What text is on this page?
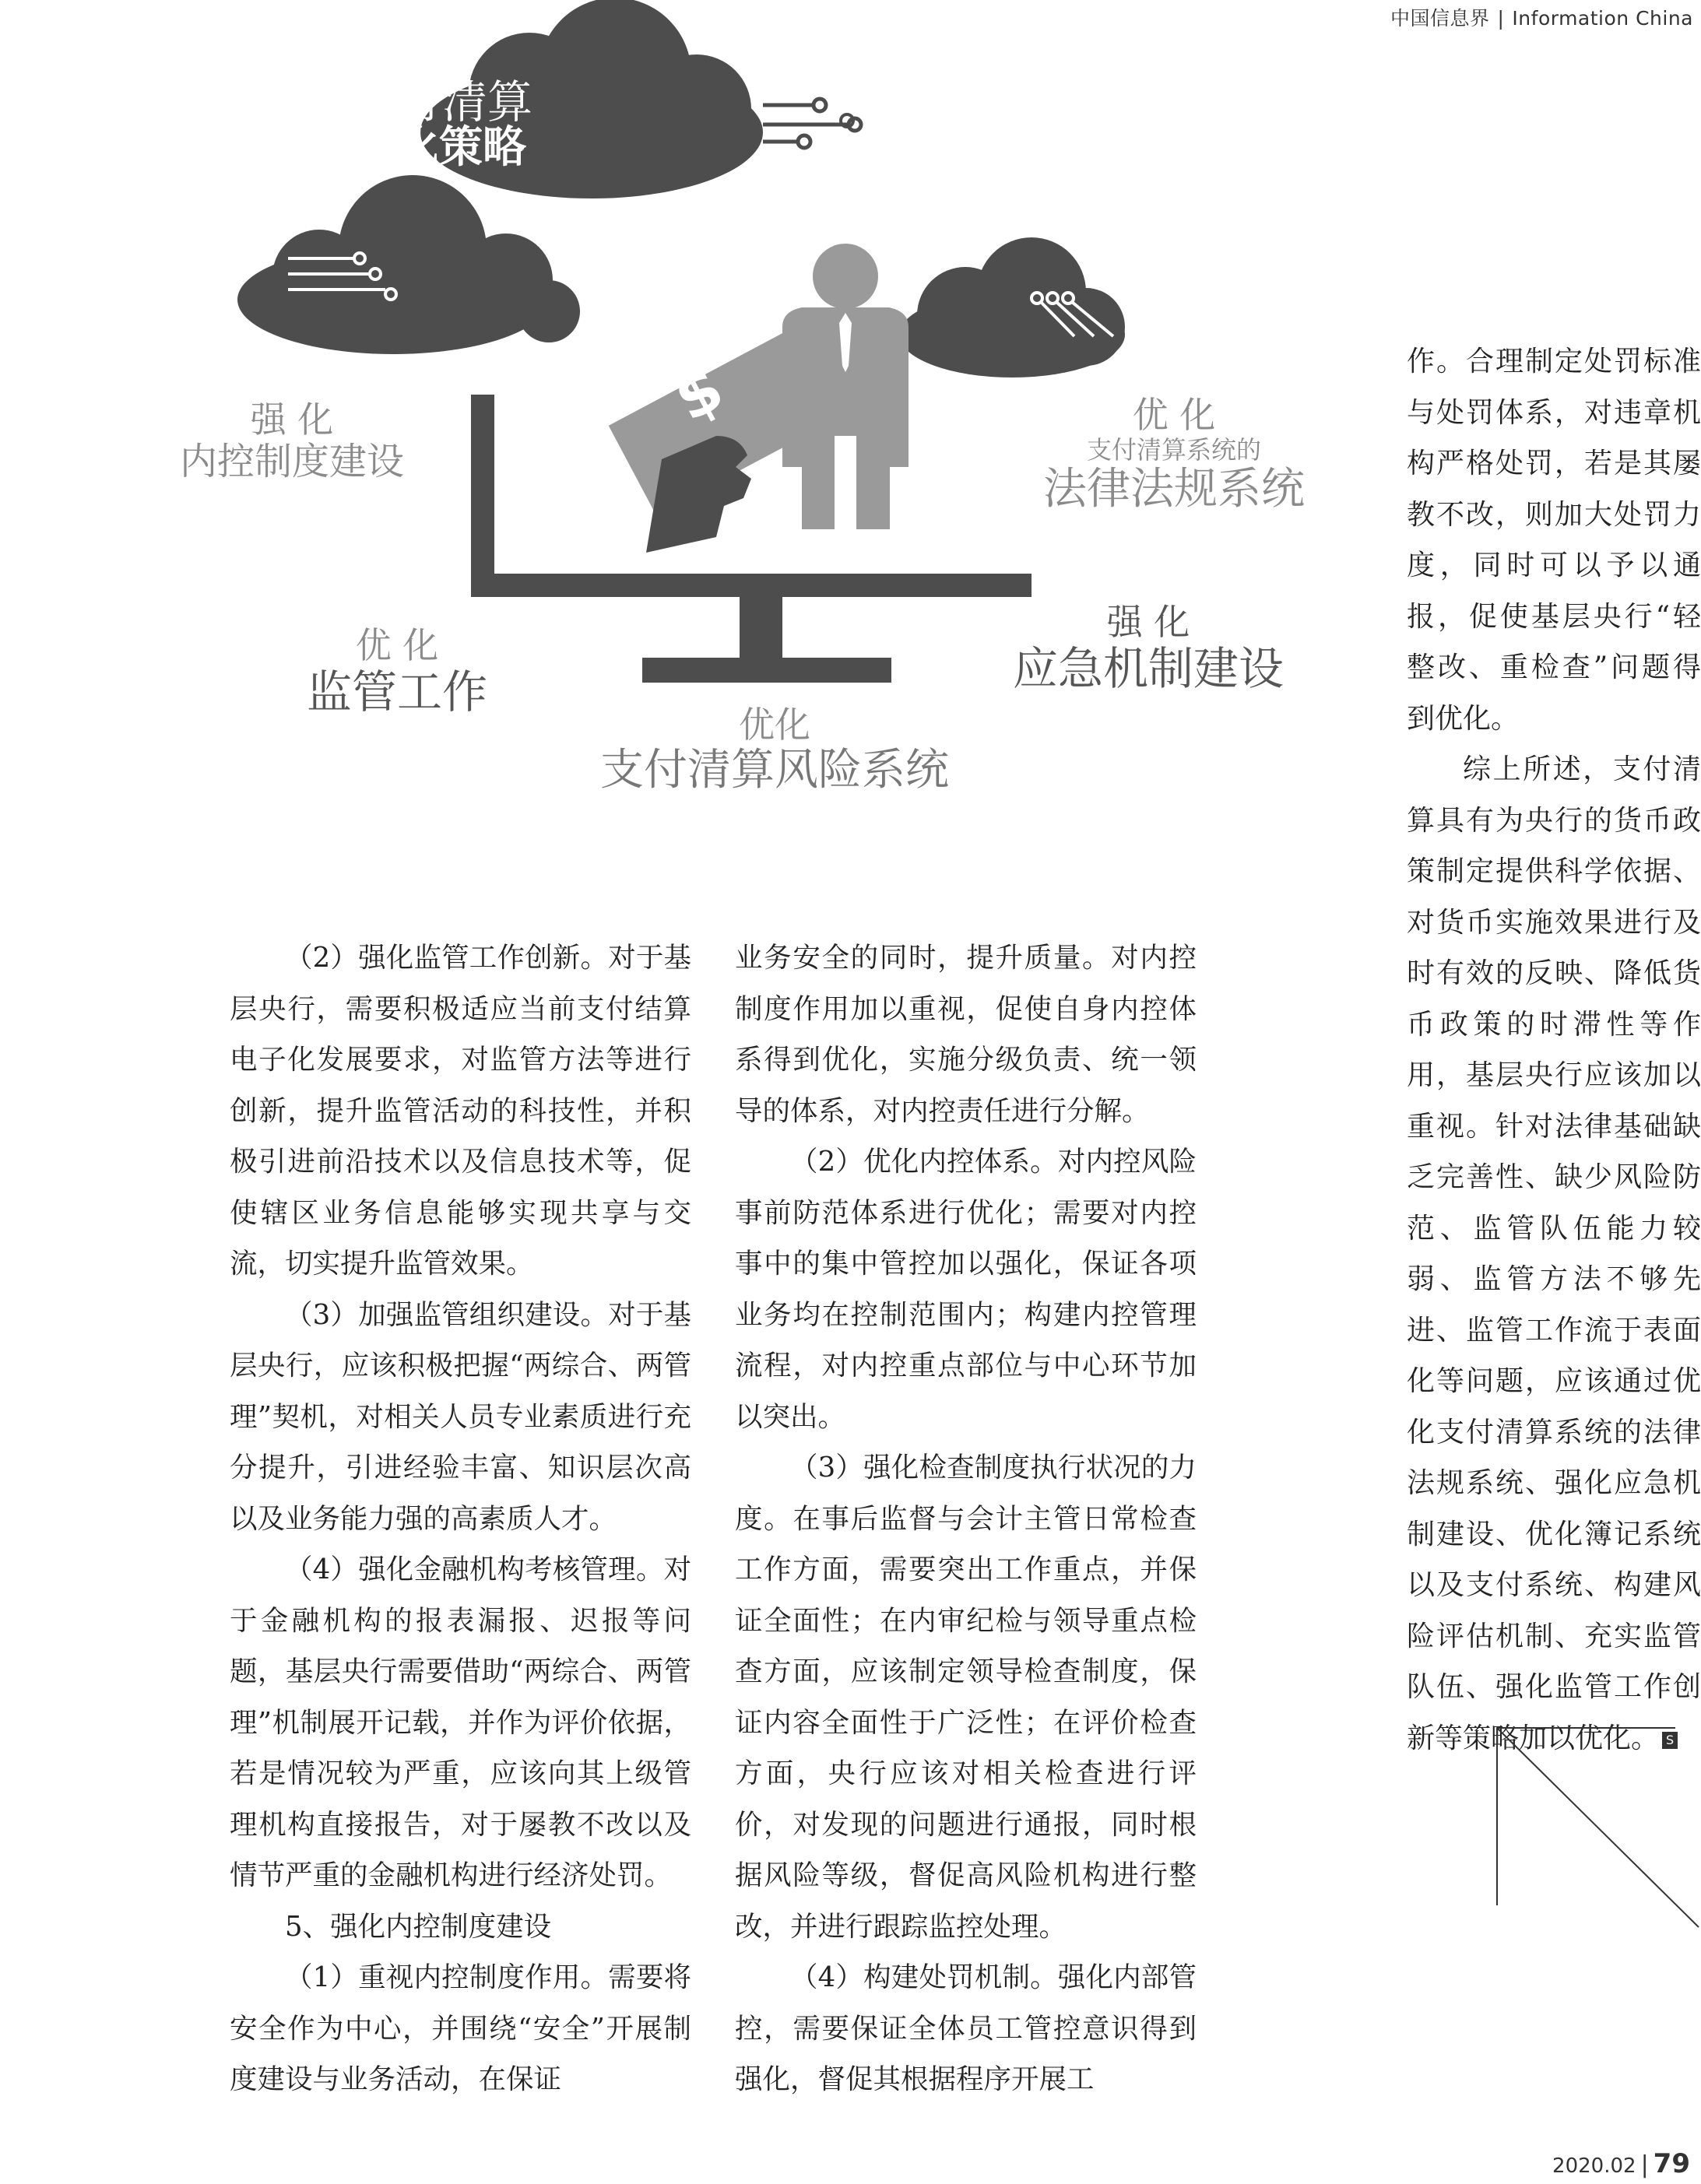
中国信息界 | Information China
支付清算
强化策略
$
强 化
内控制度建设
优 化
支付清算系统的
法律法规系统
优 化
监管工作
强 化
应急机制建设
优化
支付清算风险系统

（2）强化监管工作创新。对于基层央行，需要积极适应当前支付结算电子化发展要求，对监管方法等进行创新，提升监管活动的科技性，并积极引进前沿技术以及信息技术等，促使辖区业务信息能够实现共享与交流，切实提升监管效果。

（3）加强监管组织建设。对于基层央行，应该积极把握“两综合、两管理”契机，对相关人员专业素质进行充分提升，引进经验丰富、知识层次高以及业务能力强的高素质人才。

（4）强化金融机构考核管理。对于金融机构的报表漏报、迟报等问题，基层央行需要借助“两综合、两管理”机制展开记载，并作为评价依据，若是情况较为严重，应该向其上级管理机构直接报告，对于屡教不改以及情节严重的金融机构进行经济处罚。

5、强化内控制度建设

（1）重视内控制度作用。需要将安全作为中心，并围绕“安全”开展制度建设与业务活动，在保证

业务安全的同时，提升质量。对内控制度作用加以重视，促使自身内控体系得到优化，实施分级负责、统一领导的体系，对内控责任进行分解。

（2）优化内控体系。对内控风险事前防范体系进行优化；需要对内控事中的集中管控加以强化，保证各项业务均在控制范围内；构建内控管理流程，对内控重点部位与中心环节加以突出。

（3）强化检查制度执行状况的力度。在事后监督与会计主管日常检查工作方面，需要突出工作重点，并保证全面性；在内审纪检与领导重点检查方面，应该制定领导检查制度，保证内容全面性于广泛性；在评价检查方面，央行应该对相关检查进行评价，对发现的问题进行通报，同时根据风险等级，督促高风险机构进行整改，并进行跟踪监控处理。

（4）构建处罚机制。强化内部管控，需要保证全体员工管控意识得到强化，督促其根据程序开展工

作。合理制定处罚标准与处罚体系，对违章机构严格处罚，若是其屡教不改，则加大处罚力度，同时可以予以通报，促使基层央行“轻整改、重检查”问题得到优化。

综上所述，支付清算具有为央行的货币政策制定提供科学依据、对货币实施效果进行及时有效的反映、降低货币政策的时滞性等作用，基层央行应该加以重视。针对法律基础缺乏完善性、缺少风险防范、监管队伍能力较弱、监管方法不够先进、监管工作流于表面化等问题，应该通过优化支付清算系统的法律法规系统、强化应急机制建设、优化簿记系统以及支付系统、构建风险评估机制、充实监管队伍、强化监管工作创新等策略加以优化。 S

2020.02 | 79
